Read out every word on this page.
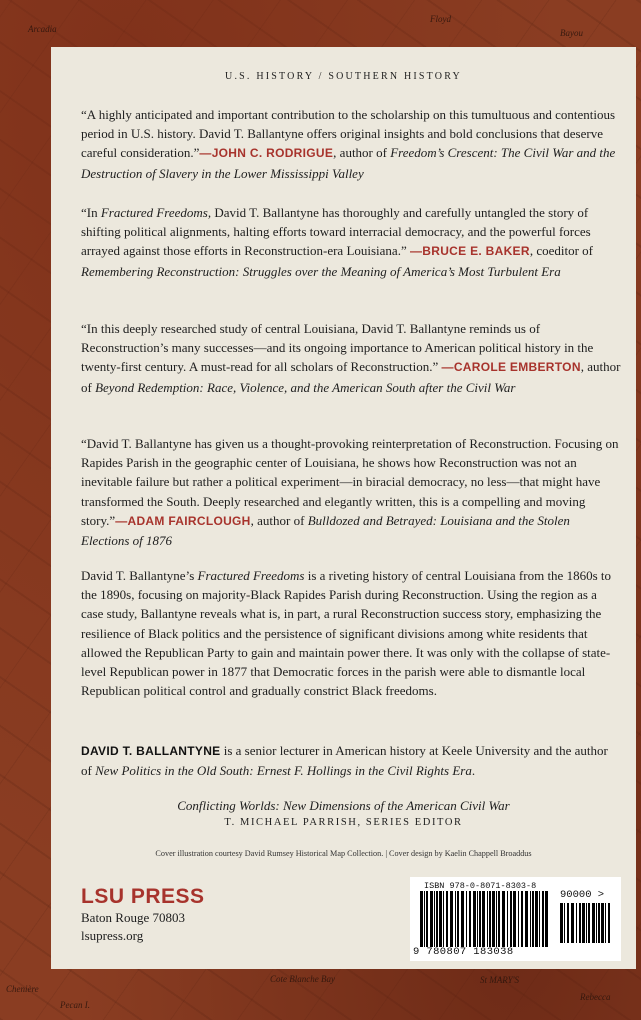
Arcadia
Floyd
Bayou
Pecan I.
St MARY'S
Chenière
Cote Blanche Bay
Rebecca
U.S. HISTORY / SOUTHERN HISTORY
“A highly anticipated and important contribution to the scholarship on this tumultuous and contentious period in U.S. history. David T. Ballantyne offers original insights and bold conclusions that deserve careful consideration.”—JOHN C. RODRIGUE, author of Freedom’s Crescent: The Civil War and the Destruction of Slavery in the Lower Mississippi Valley
“In Fractured Freedoms, David T. Ballantyne has thoroughly and carefully untangled the story of shifting political alignments, halting efforts toward interracial democracy, and the powerful forces arrayed against those efforts in Reconstruction-era Louisiana.” —BRUCE E. BAKER, coeditor of Remembering Reconstruction: Struggles over the Meaning of America’s Most Turbulent Era
“In this deeply researched study of central Louisiana, David T. Ballantyne reminds us of Reconstruction’s many successes—and its ongoing importance to American political history in the twenty-first century. A must-read for all scholars of Reconstruction.” —CAROLE EMBERTON, author of Beyond Redemption: Race, Violence, and the American South after the Civil War
“David T. Ballantyne has given us a thought-provoking reinterpretation of Reconstruction. Focusing on Rapides Parish in the geographic center of Louisiana, he shows how Reconstruction was not an inevitable failure but rather a political experiment—in biracial democracy, no less—that might have transformed the South. Deeply researched and elegantly written, this is a compelling and moving story.”—ADAM FAIRCLOUGH, author of Bulldozed and Betrayed: Louisiana and the Stolen Elections of 1876
David T. Ballantyne’s Fractured Freedoms is a riveting history of central Louisiana from the 1860s to the 1890s, focusing on majority-Black Rapides Parish during Reconstruction. Using the region as a case study, Ballantyne reveals what is, in part, a rural Reconstruction success story, emphasizing the resilience of Black politics and the persistence of significant divisions among white residents that allowed the Republican Party to gain and maintain power there. It was only with the collapse of state-level Republican power in 1877 that Democratic forces in the parish were able to dismantle local Republican political control and gradually constrict Black freedoms.
DAVID T. BALLANTYNE is a senior lecturer in American history at Keele University and the author of New Politics in the Old South: Ernest F. Hollings in the Civil Rights Era.
Conflicting Worlds: New Dimensions of the American Civil War
T. MICHAEL PARRISH, SERIES EDITOR
Cover illustration courtesy David Rumsey Historical Map Collection. | Cover design by Kaelin Chappell Broaddus
LSU PRESS
Baton Rouge 70803
lsupress.org
ISBN 978-0-8071-8303-8
90000 >
9 780807 183038
